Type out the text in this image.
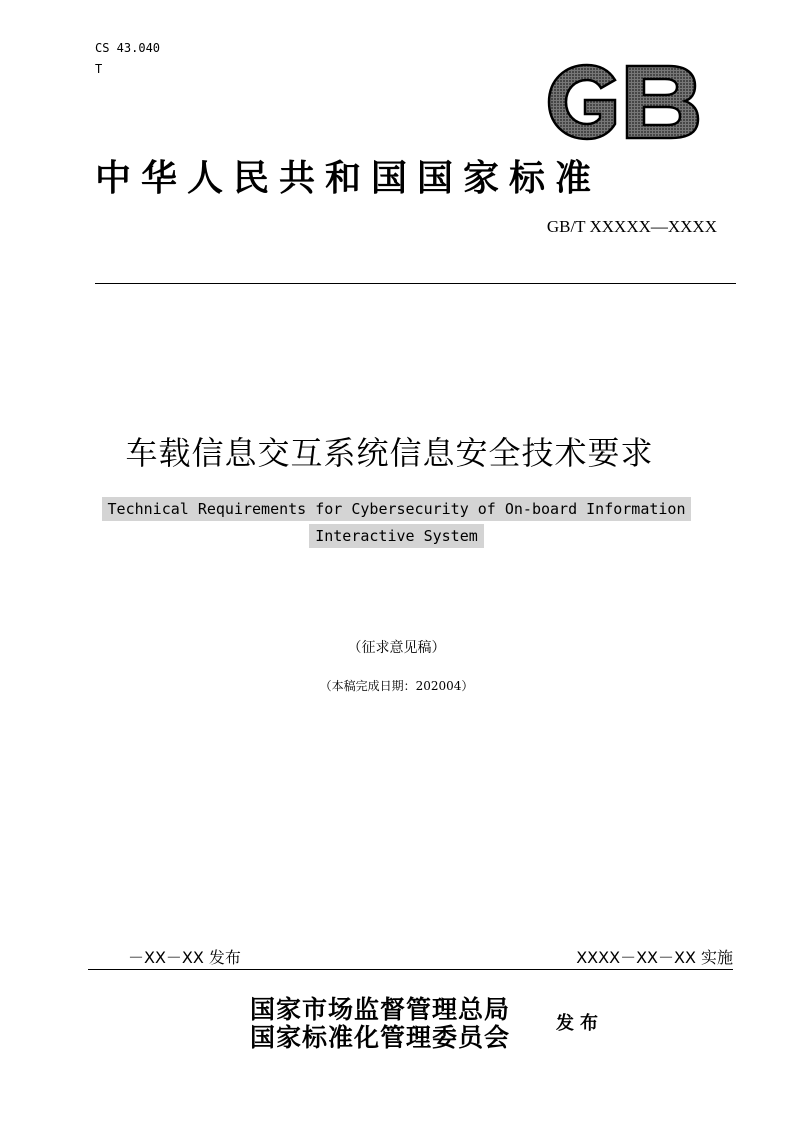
CS 43.040
T
中华人民共和国国家标准
GB/T XXXXX—XXXX
车载信息交互系统信息安全技术要求
Technical Requirements for Cybersecurity of On-board Information
Interactive System
（征求意见稿）
（本稿完成日期：202004）
－XX－XX 发布	XXXX－XX－XX 实施
国家市场监督管理总局
国家标准化管理委员会	发布
